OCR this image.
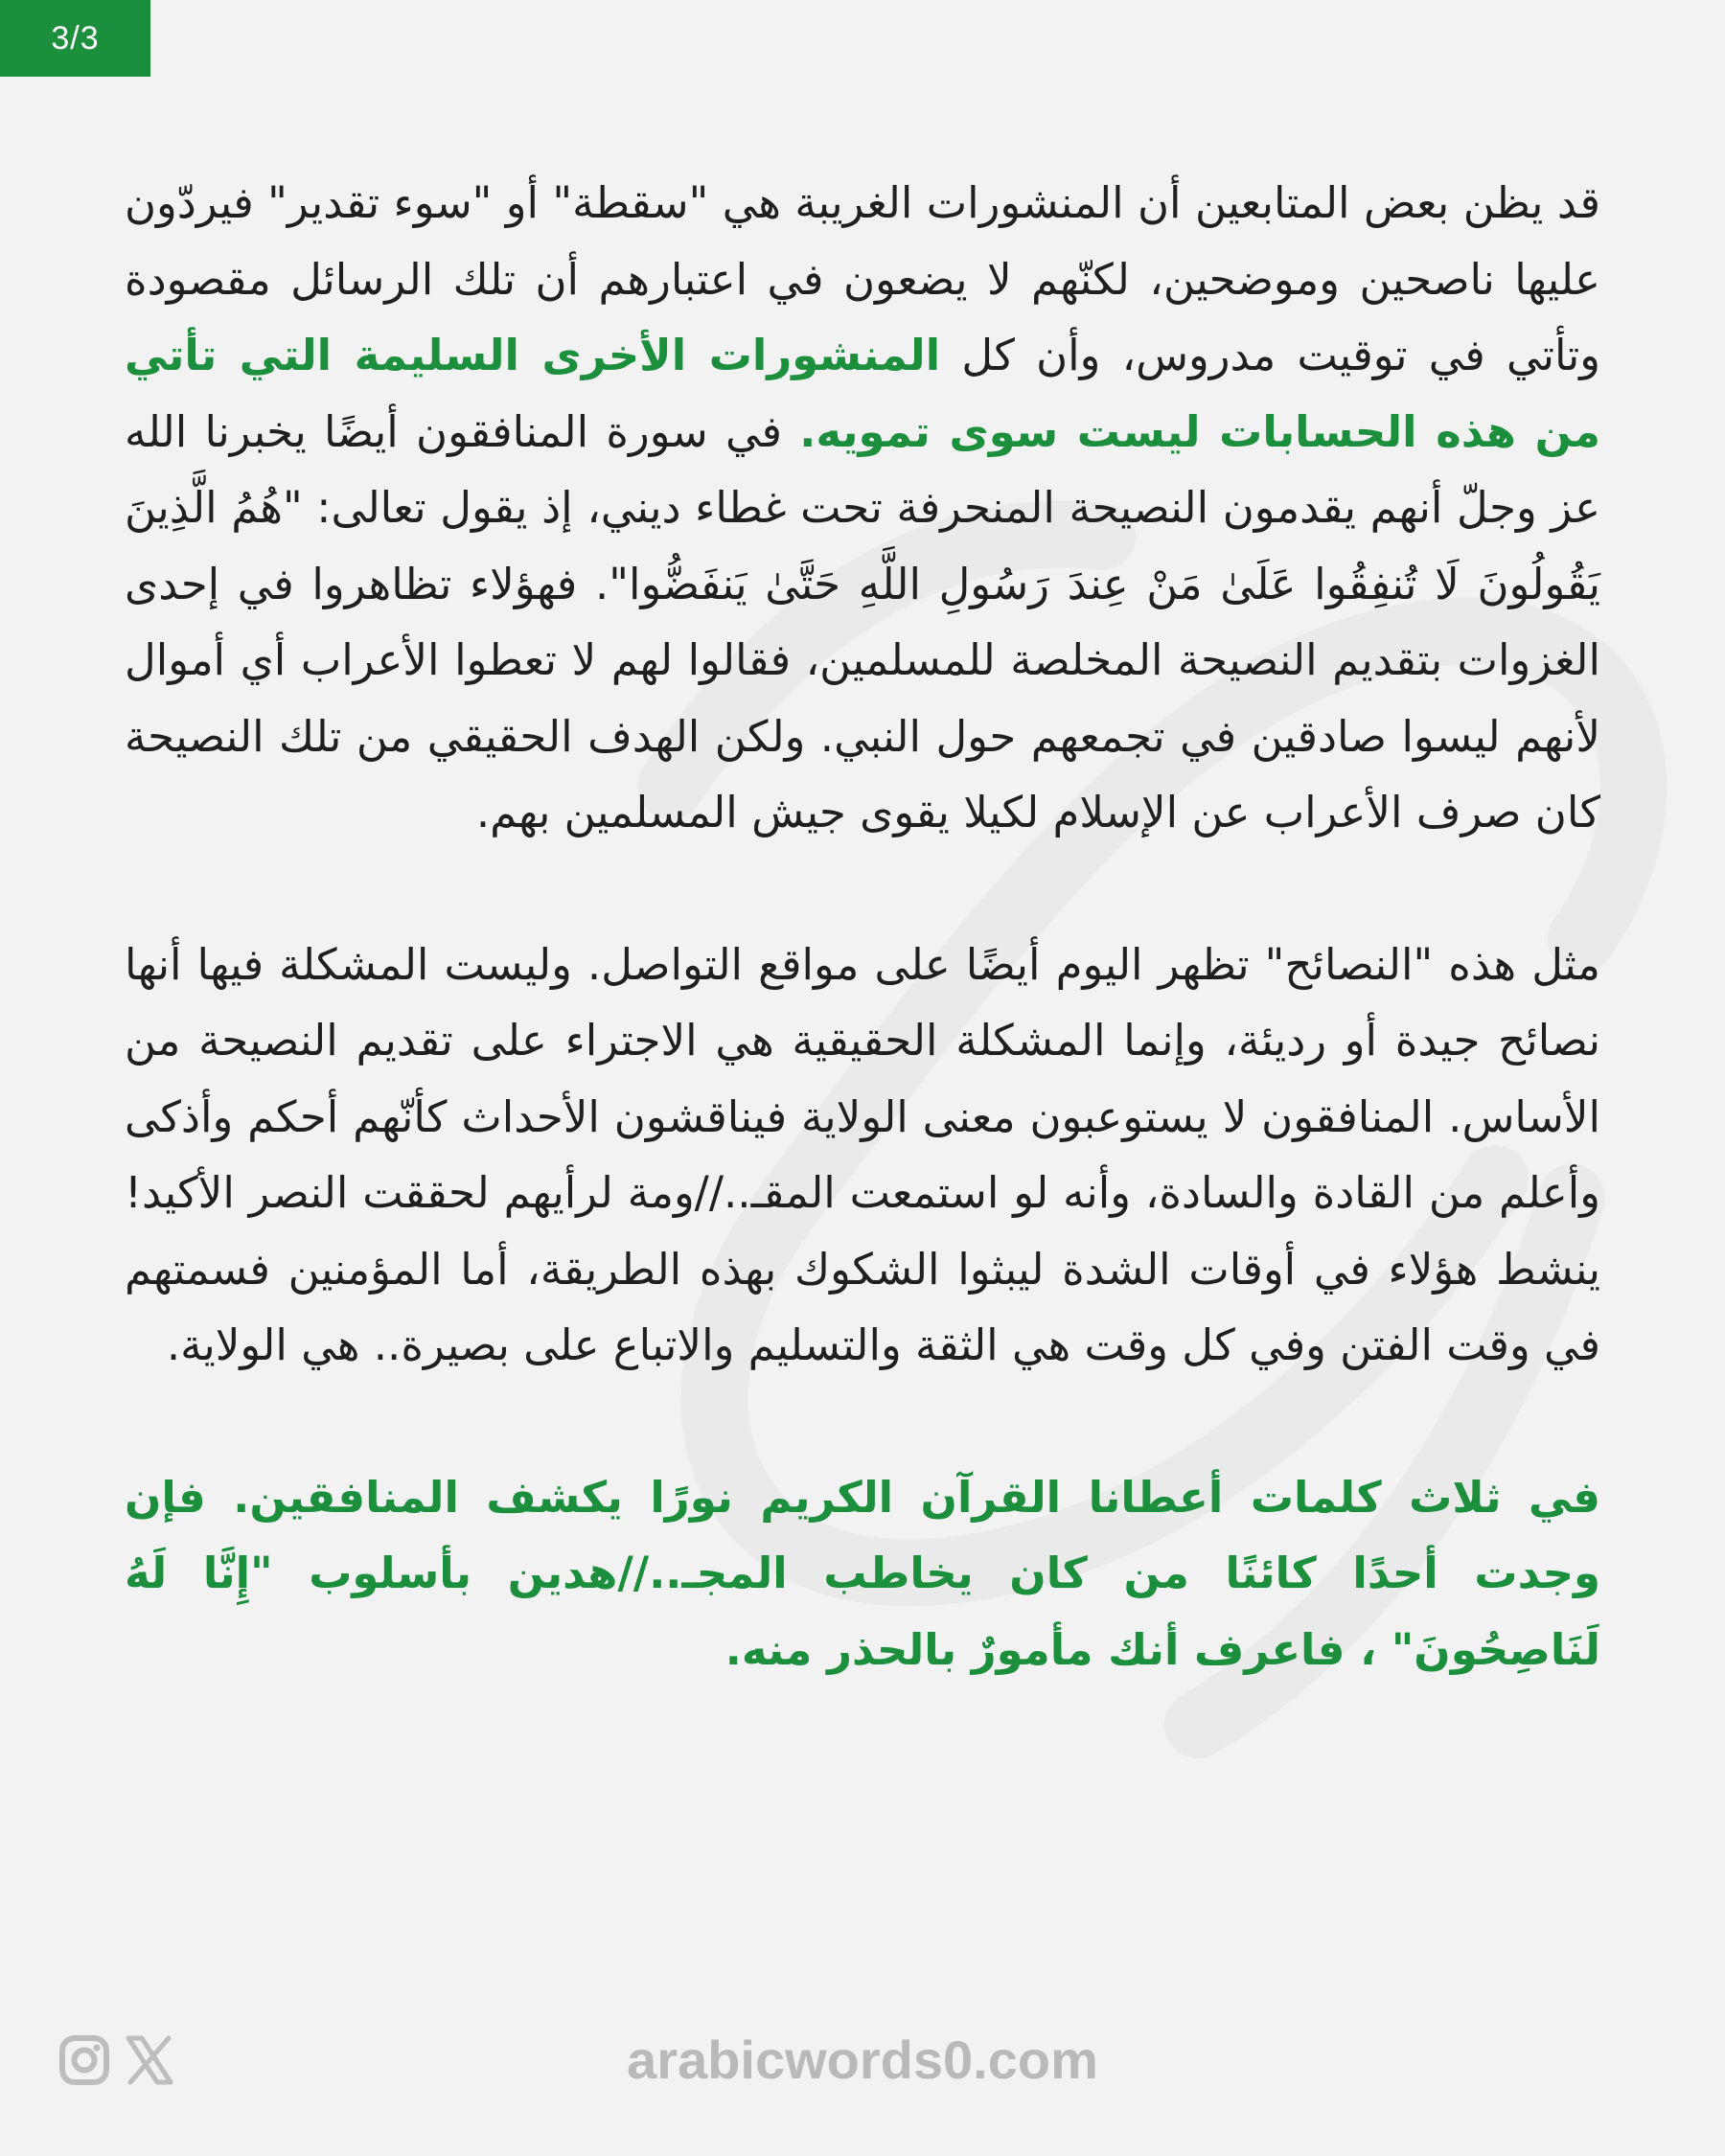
3/3

قد يظن بعض المتابعين أن المنشورات الغريبة هي "سقطة" أو "سوء تقدير" فيردّون عليها ناصحين وموضحين، لكنّهم لا يضعون في اعتبارهم أن تلك الرسائل مقصودة وتأتي في توقيت مدروس، وأن كل المنشورات الأخرى السليمة التي تأتي من هذه الحسابات ليست سوى تمويه. في سورة المنافقون أيضًا يخبرنا الله عز وجلّ أنهم يقدمون النصيحة المنحرفة تحت غطاء ديني، إذ يقول تعالى: "هُمُ الَّذِينَ يَقُولُونَ لَا تُنفِقُوا عَلَىٰ مَنْ عِندَ رَسُولِ اللَّهِ حَتَّىٰ يَنفَضُّوا". فهؤلاء تظاهروا في إحدى الغزوات بتقديم النصيحة المخلصة للمسلمين، فقالوا لهم لا تعطوا الأعراب أي أموال لأنهم ليسوا صادقين في تجمعهم حول النبي. ولكن الهدف الحقيقي من تلك النصيحة كان صرف الأعراب عن الإسلام لكيلا يقوى جيش المسلمين بهم.

مثل هذه "النصائح" تظهر اليوم أيضًا على مواقع التواصل. وليست المشكلة فيها أنها نصائح جيدة أو رديئة، وإنما المشكلة الحقيقية هي الاجتراء على تقديم النصيحة من الأساس. المنافقون لا يستوعبون معنى الولاية فيناقشون الأحداث كأنّهم أحكم وأذكى وأعلم من القادة والسادة، وأنه لو استمعت المقـ..//ومة لرأيهم لحققت النصر الأكيد! ينشط هؤلاء في أوقات الشدة ليبثوا الشكوك بهذه الطريقة، أما المؤمنين فسمتهم في وقت الفتن وفي كل وقت هي الثقة والتسليم والاتباع على بصيرة.. هي الولاية.

في ثلاث كلمات أعطانا القرآن الكريم نورًا يكشف المنافقين. فإن وجدت أحدًا كائنًا من كان يخاطب المجـ..//هدين بأسلوب "إِنَّا لَهُ لَنَاصِحُونَ" ، فاعرف أنك مأمورٌ بالحذر منه.

arabicwords0.com
